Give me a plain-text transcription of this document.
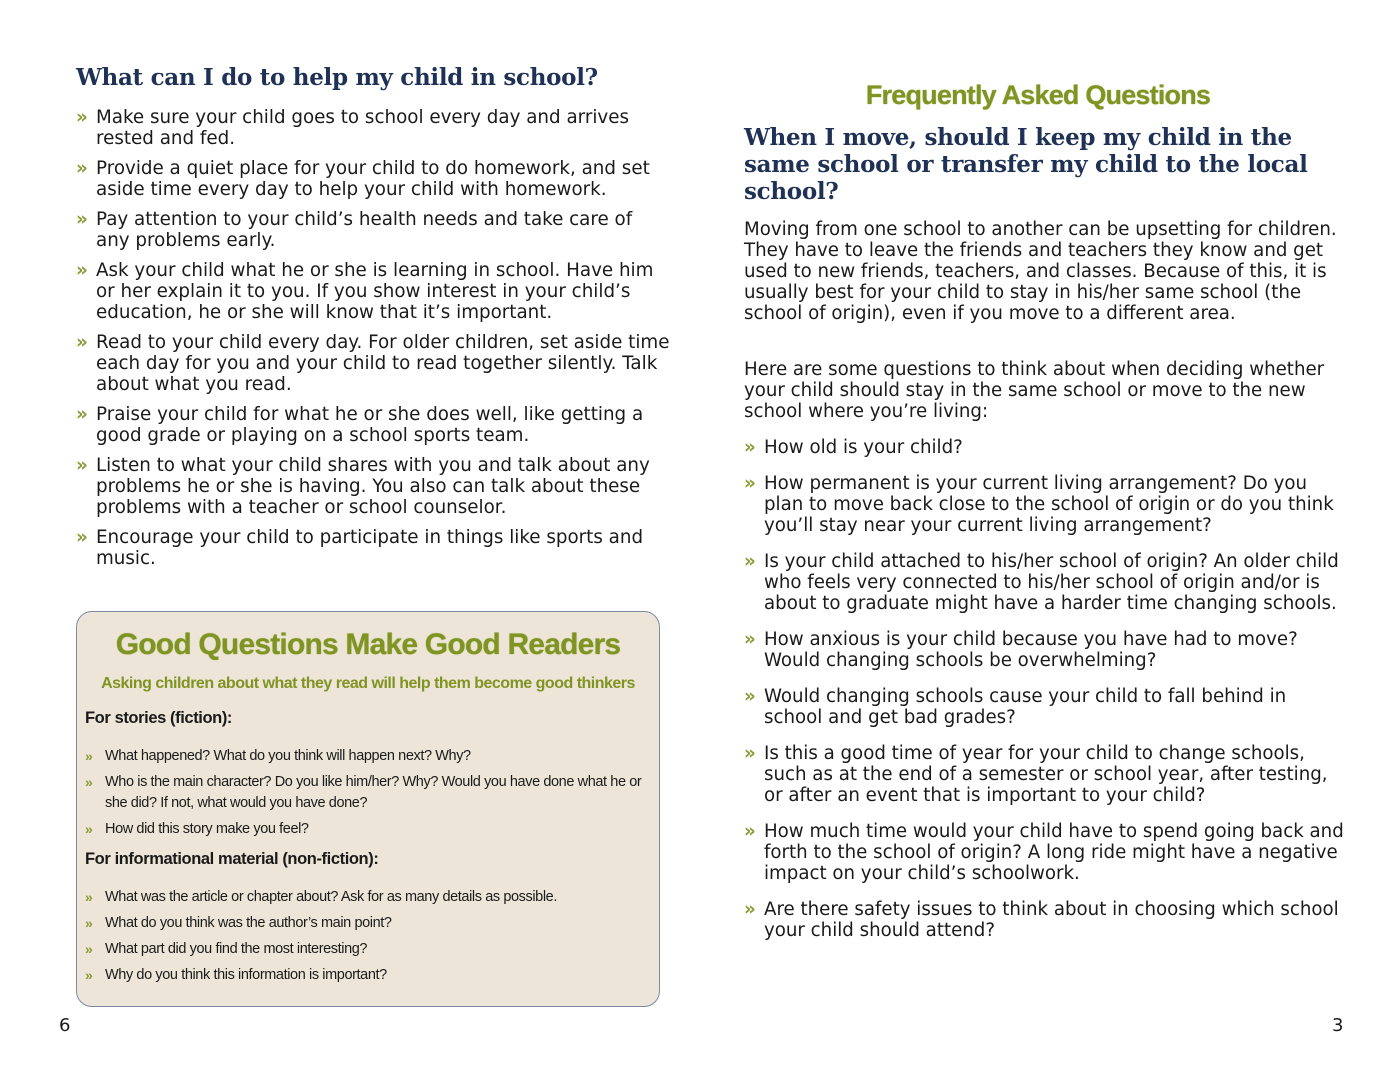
What can I do to help my child in school?
» Make sure your child goes to school every day and arrives rested and fed.
» Provide a quiet place for your child to do homework, and set aside time every day to help your child with homework.
» Pay attention to your child’s health needs and take care of any problems early.
» Ask your child what he or she is learning in school. Have him or her explain it to you. If you show interest in your child’s education, he or she will know that it’s important.
» Read to your child every day. For older children, set aside time each day for you and your child to read together silently. Talk about what you read.
» Praise your child for what he or she does well, like getting a good grade or playing on a school sports team.
» Listen to what your child shares with you and talk about any problems he or she is having. You also can talk about these problems with a teacher or school counselor.
» Encourage your child to participate in things like sports and music.
Good Questions Make Good Readers
Asking children about what they read will help them become good thinkers
For stories (fiction):
» What happened? What do you think will happen next? Why?
» Who is the main character? Do you like him/her? Why? Would you have done what he or she did? If not, what would you have done?
» How did this story make you feel?
For informational material (non-fiction):
» What was the article or chapter about? Ask for as many details as possible.
» What do you think was the author’s main point?
» What part did you find the most interesting?
» Why do you think this information is important?
6
Frequently Asked Questions
When I move, should I keep my child in the same school or transfer my child to the local school?

Moving from one school to another can be upsetting for children. They have to leave the friends and teachers they know and get used to new friends, teachers, and classes. Because of this, it is usually best for your child to stay in his/her same school (the school of origin), even if you move to a different area.

Here are some questions to think about when deciding whether your child should stay in the same school or move to the new school where you’re living:

» How old is your child?
» How permanent is your current living arrangement? Do you plan to move back close to the school of origin or do you think you’ll stay near your current living arrangement?
» Is your child attached to his/her school of origin? An older child who feels very connected to his/her school of origin and/or is about to graduate might have a harder time changing schools.
» How anxious is your child because you have had to move? Would changing schools be overwhelming?
» Would changing schools cause your child to fall behind in school and get bad grades?
» Is this a good time of year for your child to change schools, such as at the end of a semester or school year, after testing, or after an event that is important to your child?
» How much time would your child have to spend going back and forth to the school of origin? A long ride might have a negative impact on your child’s schoolwork.
» Are there safety issues to think about in choosing which school your child should attend?
3
